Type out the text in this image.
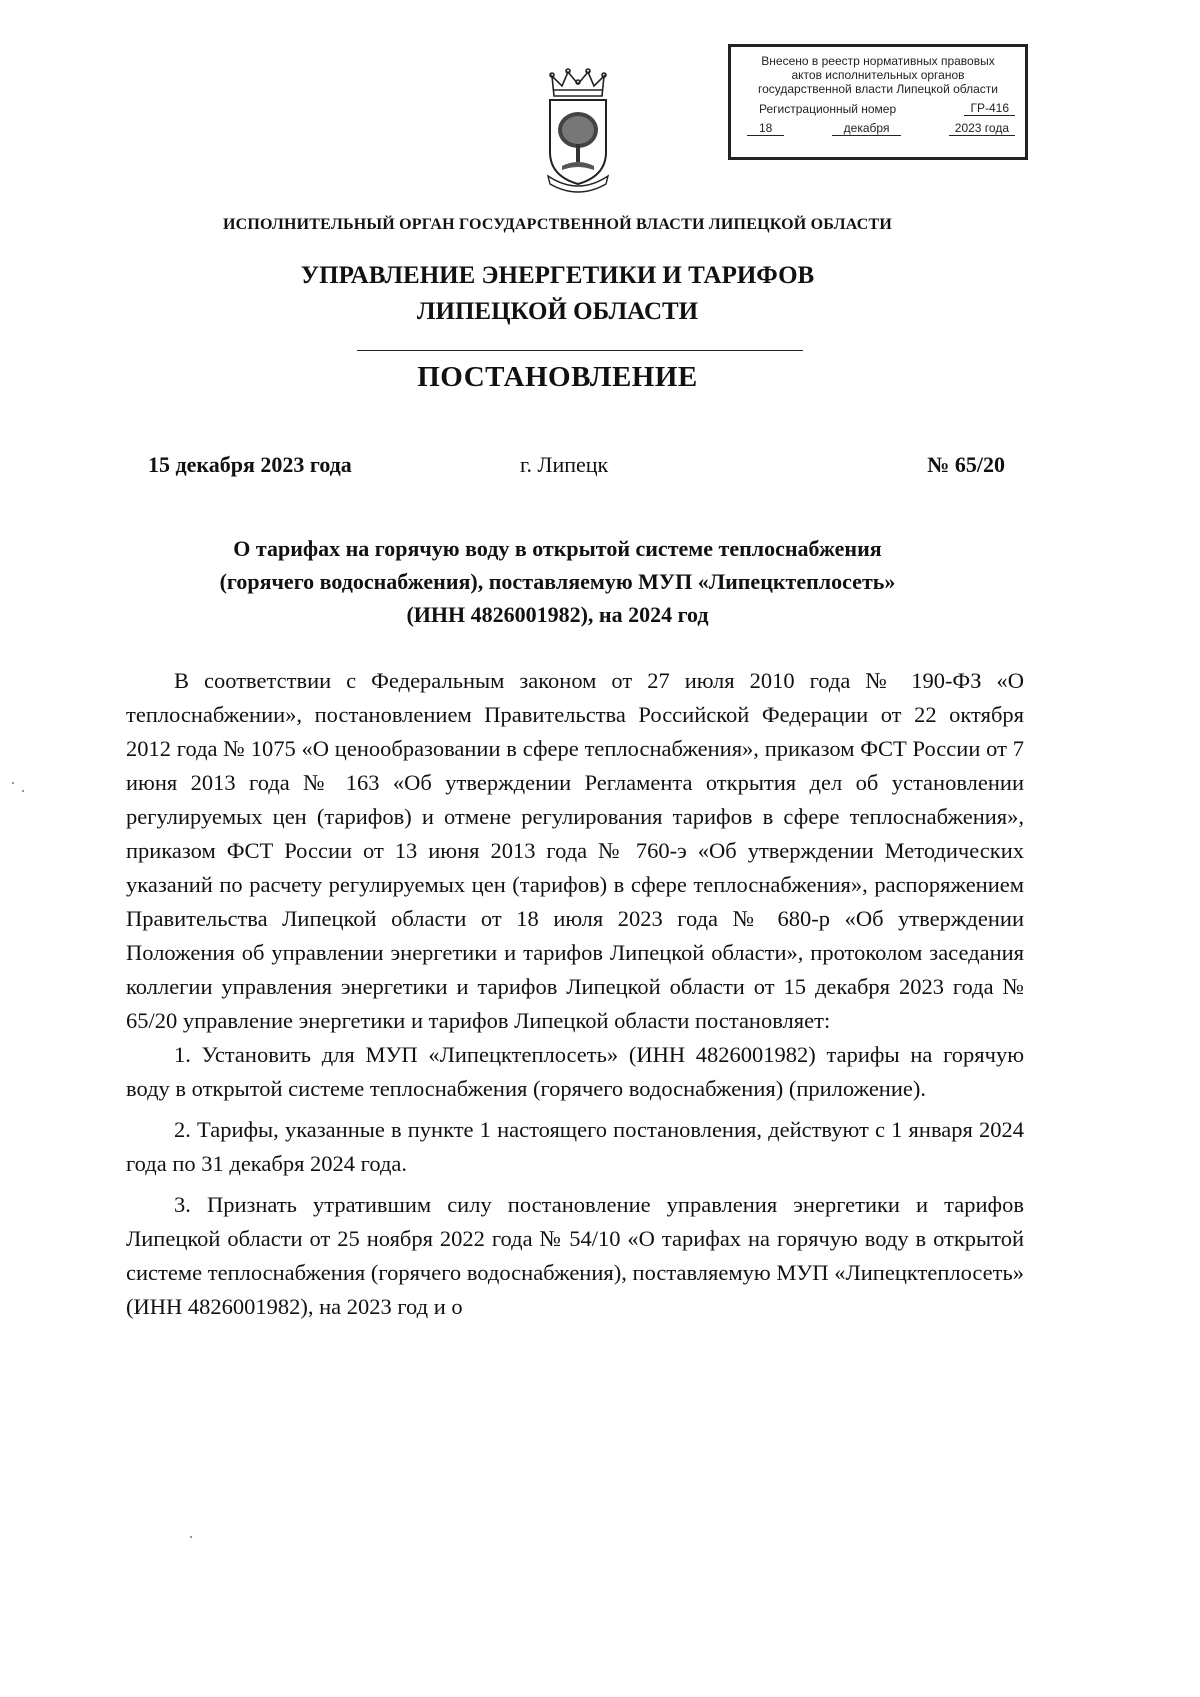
Внесено в реестр нормативных правовых
актов исполнительных органов
государственной власти Липецкой области
Регистрационный номер	ГР-416
18	декабря	2023 года
ИСПОЛНИТЕЛЬНЫЙ ОРГАН ГОСУДАРСТВЕННОЙ ВЛАСТИ ЛИПЕЦКОЙ ОБЛАСТИ
УПРАВЛЕНИЕ ЭНЕРГЕТИКИ И ТАРИФОВ
ЛИПЕЦКОЙ ОБЛАСТИ
ПОСТАНОВЛЕНИЕ
15 декабря 2023 года	г. Липецк	№ 65/20
О тарифах на горячую воду в открытой системе теплоснабжения
(горячего водоснабжения), поставляемую МУП «Липецктеплосеть»
(ИНН 4826001982), на 2024 год

В соответствии с Федеральным законом от 27 июля 2010 года № 190-ФЗ «О теплоснабжении», постановлением Правительства Российской Федерации от 22 октября 2012 года № 1075 «О ценообразовании в сфере теплоснабжения», приказом ФСТ России от 7 июня 2013 года № 163 «Об утверждении Регламента открытия дел об установлении регулируемых цен (тарифов) и отмене регулирования тарифов в сфере теплоснабжения», приказом ФСТ России от 13 июня 2013 года № 760-э «Об утверждении Методических указаний по расчету регулируемых цен (тарифов) в сфере теплоснабжения», распоряжением Правительства Липецкой области от 18 июля 2023 года № 680-р «Об утверждении Положения об управлении энергетики и тарифов Липецкой области», протоколом заседания коллегии управления энергетики и тарифов Липецкой области от 15 декабря 2023 года № 65/20 управление энергетики и тарифов Липецкой области постановляет:

1. Установить для МУП «Липецктеплосеть» (ИНН 4826001982) тарифы на горячую воду в открытой системе теплоснабжения (горячего водоснабжения) (приложение).

2. Тарифы, указанные в пункте 1 настоящего постановления, действуют с 1 января 2024 года по 31 декабря 2024 года.

3. Признать утратившим силу постановление управления энергетики и тарифов Липецкой области от 25 ноября 2022 года № 54/10 «О тарифах на горячую воду в открытой системе теплоснабжения (горячего водоснабжения), поставляемую МУП «Липецктеплосеть» (ИНН 4826001982), на 2023 год и о
